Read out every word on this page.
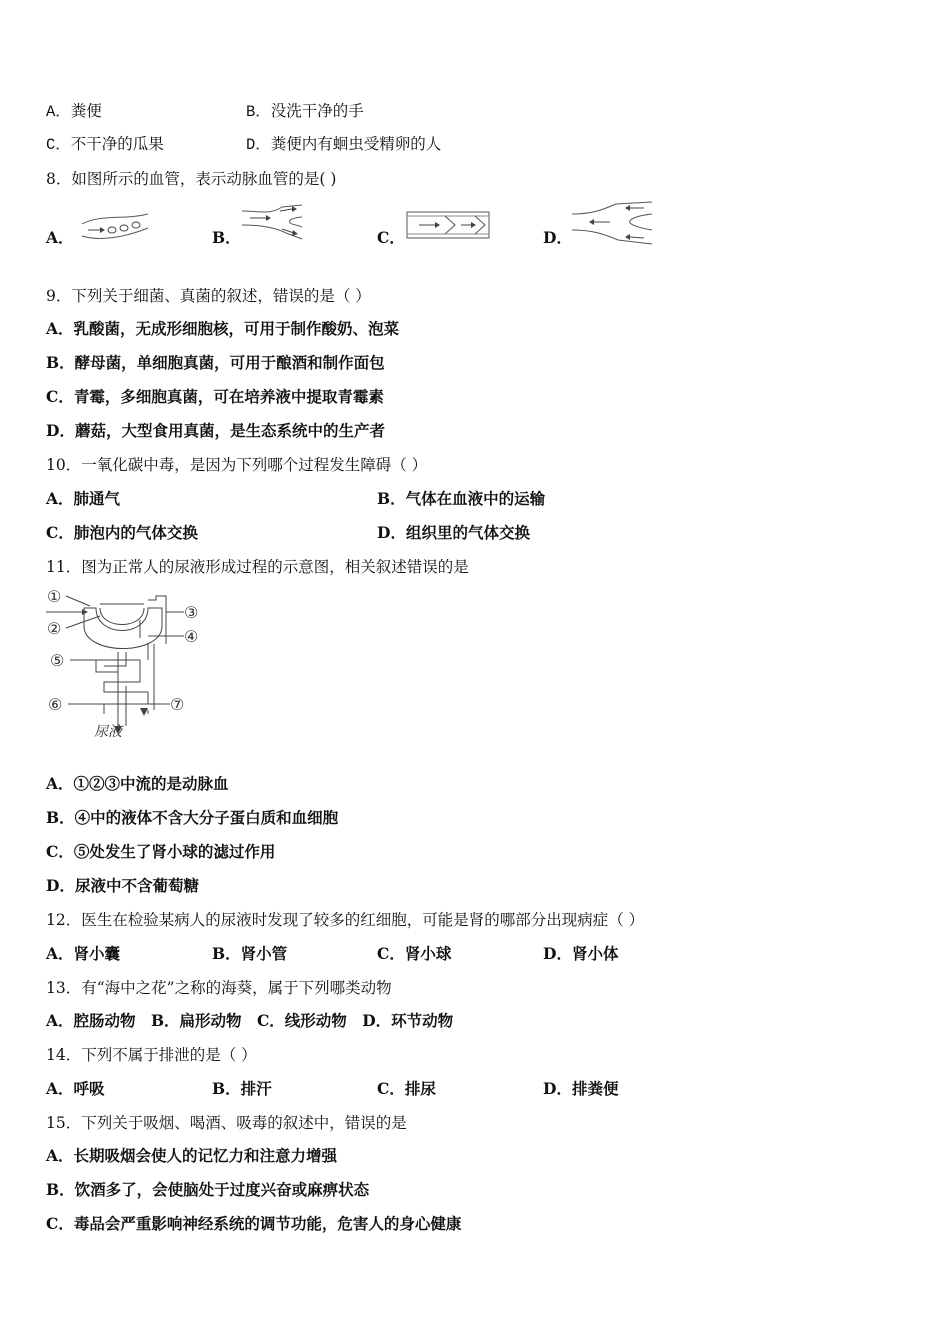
A．粪便	B．没洗干净的手
C．不干净的瓜果	D．粪便内有蛔虫受精卵的人
8．如图所示的血管，表示动脉血管的是( )
A．	B．	C．	D．
9．下列关于细菌、真菌的叙述，错误的是（ ）
A．乳酸菌，无成形细胞核，可用于制作酸奶、泡菜
B．酵母菌，单细胞真菌，可用于酿酒和制作面包
C．青霉，多细胞真菌，可在培养液中提取青霉素
D．蘑菇，大型食用真菌，是生态系统中的生产者
10．一氧化碳中毒，是因为下列哪个过程发生障碍（ ）
A．肺通气	B．气体在血液中的运输
C．肺泡内的气体交换	D．组织里的气体交换
11．图为正常人的尿液形成过程的示意图，相关叙述错误的是
①
②
③
④
⑤
⑥	⑦
尿液
A．①②③中流的是动脉血
B．④中的液体不含大分子蛋白质和血细胞
C．⑤处发生了肾小球的滤过作用
D．尿液中不含葡萄糖
12．医生在检验某病人的尿液时发现了较多的红细胞，可能是肾的哪部分出现病症（ ）
A．肾小囊	B．肾小管	C．肾小球	D．肾小体
13．有“海中之花”之称的海葵，属于下列哪类动物
A．腔肠动物 B．扁形动物 C．线形动物 D．环节动物
14．下列不属于排泄的是（ ）
A．呼吸	B．排汗	C．排尿	D．排粪便
15．下列关于吸烟、喝酒、吸毒的叙述中，错误的是
A．长期吸烟会使人的记忆力和注意力增强
B．饮酒多了，会使脑处于过度兴奋或麻痹状态
C．毒品会严重影响神经系统的调节功能，危害人的身心健康
